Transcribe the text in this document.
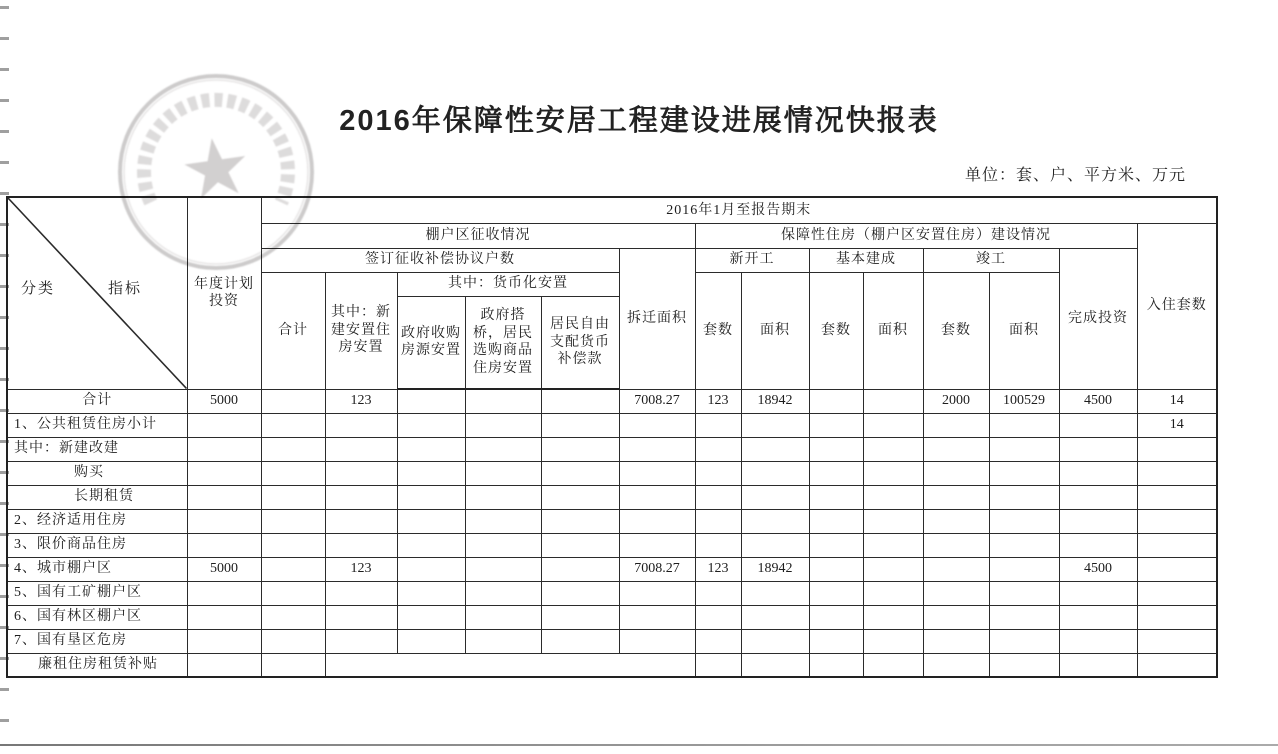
2016年保障性安居工程建设进展情况快报表
单位：套、户、平方米、万元
★
分类 指标	年度计划投资	2016年1月至报告期末													
		棚户区征收情况						保障性住房（棚户区安置住房）建设情况							入住套数
		签订征收补偿协议户数					拆迁面积	新开工		基本建成		竣工		完成投资	
		合计	其中：新建安置住房安置	其中：货币化安置				套数	面积	套数	面积	套数	面积		
				政府收购房源安置	政府搭桥，居民选购商品住房安置	居民自由支配货币补偿款									
合计	5000		123				7008.27	123	18942			2000	100529	4500	14
1、公共租赁住房小计															14
其中：新建改建															
购买															
长期租赁															
2、经济适用住房															
3、限价商品住房															
4、城市棚户区	5000		123				7008.27	123	18942					4500	
5、国有工矿棚户区															
6、国有林区棚户区															
7、国有垦区危房															
廉租住房租赁补贴															
